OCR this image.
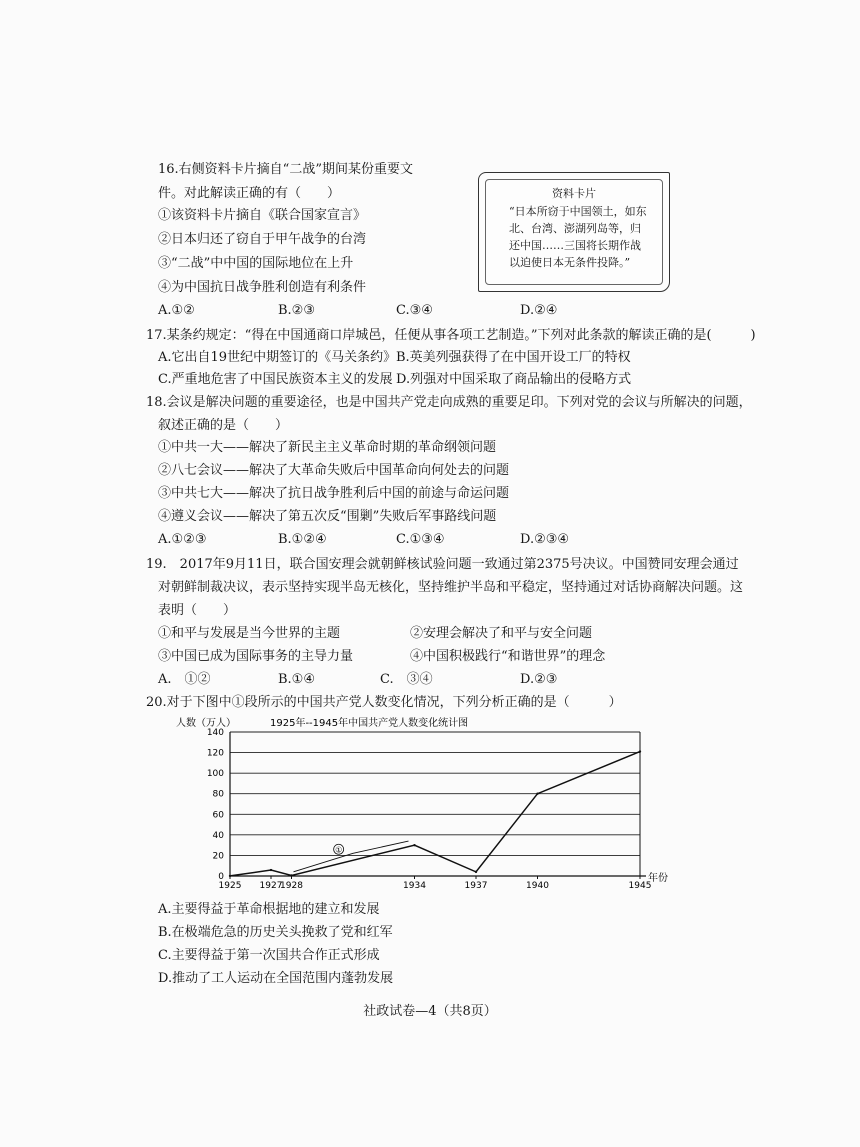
16.右侧资料卡片摘自“二战”期间某份重要文
件。对此解读正确的有（　　）
①该资料卡片摘自《联合国家宣言》
②日本归还了窃自于甲午战争的台湾
③“二战”中中国的国际地位在上升
④为中国抗日战争胜利创造有利条件
A.①②	B.②③	C.③④	D.②④
资料卡片
“日本所窃于中国领土，如东北、台湾、澎湖列岛等，归还中国……三国将长期作战以迫使日本无条件投降。”
17.某条约规定：“得在中国通商口岸城邑，任便从事各项工艺制造。”下列对此条款的解读正确的是(　　　)
A.它出自19世纪中期签订的《马关条约》 B.英美列强获得了在中国开设工厂的特权
C.严重地危害了中国民族资本主义的发展 D.列强对中国采取了商品输出的侵略方式
18.会议是解决问题的重要途径，也是中国共产党走向成熟的重要足印。下列对党的会议与所解决的问题，
叙述正确的是（　　）
①中共一大——解决了新民主主义革命时期的革命纲领问题
②八七会议——解决了大革命失败后中国革命向何处去的问题
③中共七大——解决了抗日战争胜利后中国的前途与命运问题
④遵义会议——解决了第五次反“围剿”失败后军事路线问题
A.①②③	B.①②④	C.①③④	D.②③④
19.　2017年9月11日，联合国安理会就朝鲜核试验问题一致通过第2375号决议。中国赞同安理会通过
对朝鲜制裁决议，表示坚持实现半岛无核化，坚持维护半岛和平稳定，坚持通过对话协商解决问题。这
表明（　　）
①和平与发展是当今世界的主题	②安理会解决了和平与安全问题
③中国已成为国际事务的主导力量	④中国积极践行“和谐世界”的理念
A.　①②	B.①④	C.　③④	D.②③
20.对于下图中①段所示的中国共产党人数变化情况，下列分析正确的是（　　　）
人数（万人）	1925年--1945年中国共产党人数变化统计图
年份
0
20
40
60
80
100
120
140
1925 1927
1928	1934	1937	1940	1945
①
A.主要得益于革命根据地的建立和发展
B.在极端危急的历史关头挽救了党和红军
C.主要得益于第一次国共合作正式形成
D.推动了工人运动在全国范围内蓬勃发展
社政试卷—4（共8页）
